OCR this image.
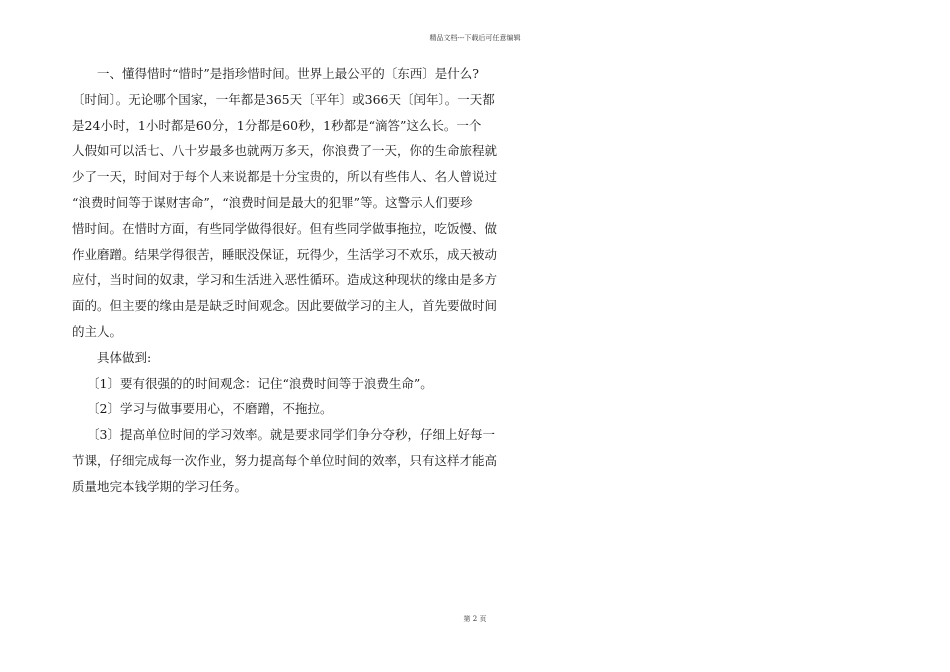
精品文档---下载后可任意编辑
一、懂得惜时“惜时”是指珍惜时间。世界上最公平的〔东西〕是什么?
〔时间〕。无论哪个国家，一年都是365天〔平年〕或366天〔闰年〕。一天都
是24小时，1小时都是60分，1分都是60秒，1秒都是“滴答”这么长。一个
人假如可以活七、八十岁最多也就两万多天，你浪费了一天，你的生命旅程就
少了一天，时间对于每个人来说都是十分宝贵的，所以有些伟人、名人曾说过
“浪费时间等于谋财害命”，“浪费时间是最大的犯罪”等。这警示人们要珍
惜时间。在惜时方面，有些同学做得很好。但有些同学做事拖拉，吃饭慢、做
作业磨蹭。结果学得很苦，睡眠没保证，玩得少，生活学习不欢乐，成天被动
应付，当时间的奴隶，学习和生活进入恶性循环。造成这种现状的缘由是多方
面的。但主要的缘由是是缺乏时间观念。因此要做学习的主人，首先要做时间
的主人。
具体做到:
〔1〕要有很强的的时间观念：记住“浪费时间等于浪费生命”。
〔2〕学习与做事要用心，不磨蹭，不拖拉。
〔3〕提高单位时间的学习效率。就是要求同学们争分夺秒，仔细上好每一
节课，仔细完成每一次作业，努力提高每个单位时间的效率，只有这样才能高
质量地完本钱学期的学习任务。
第 2 页
